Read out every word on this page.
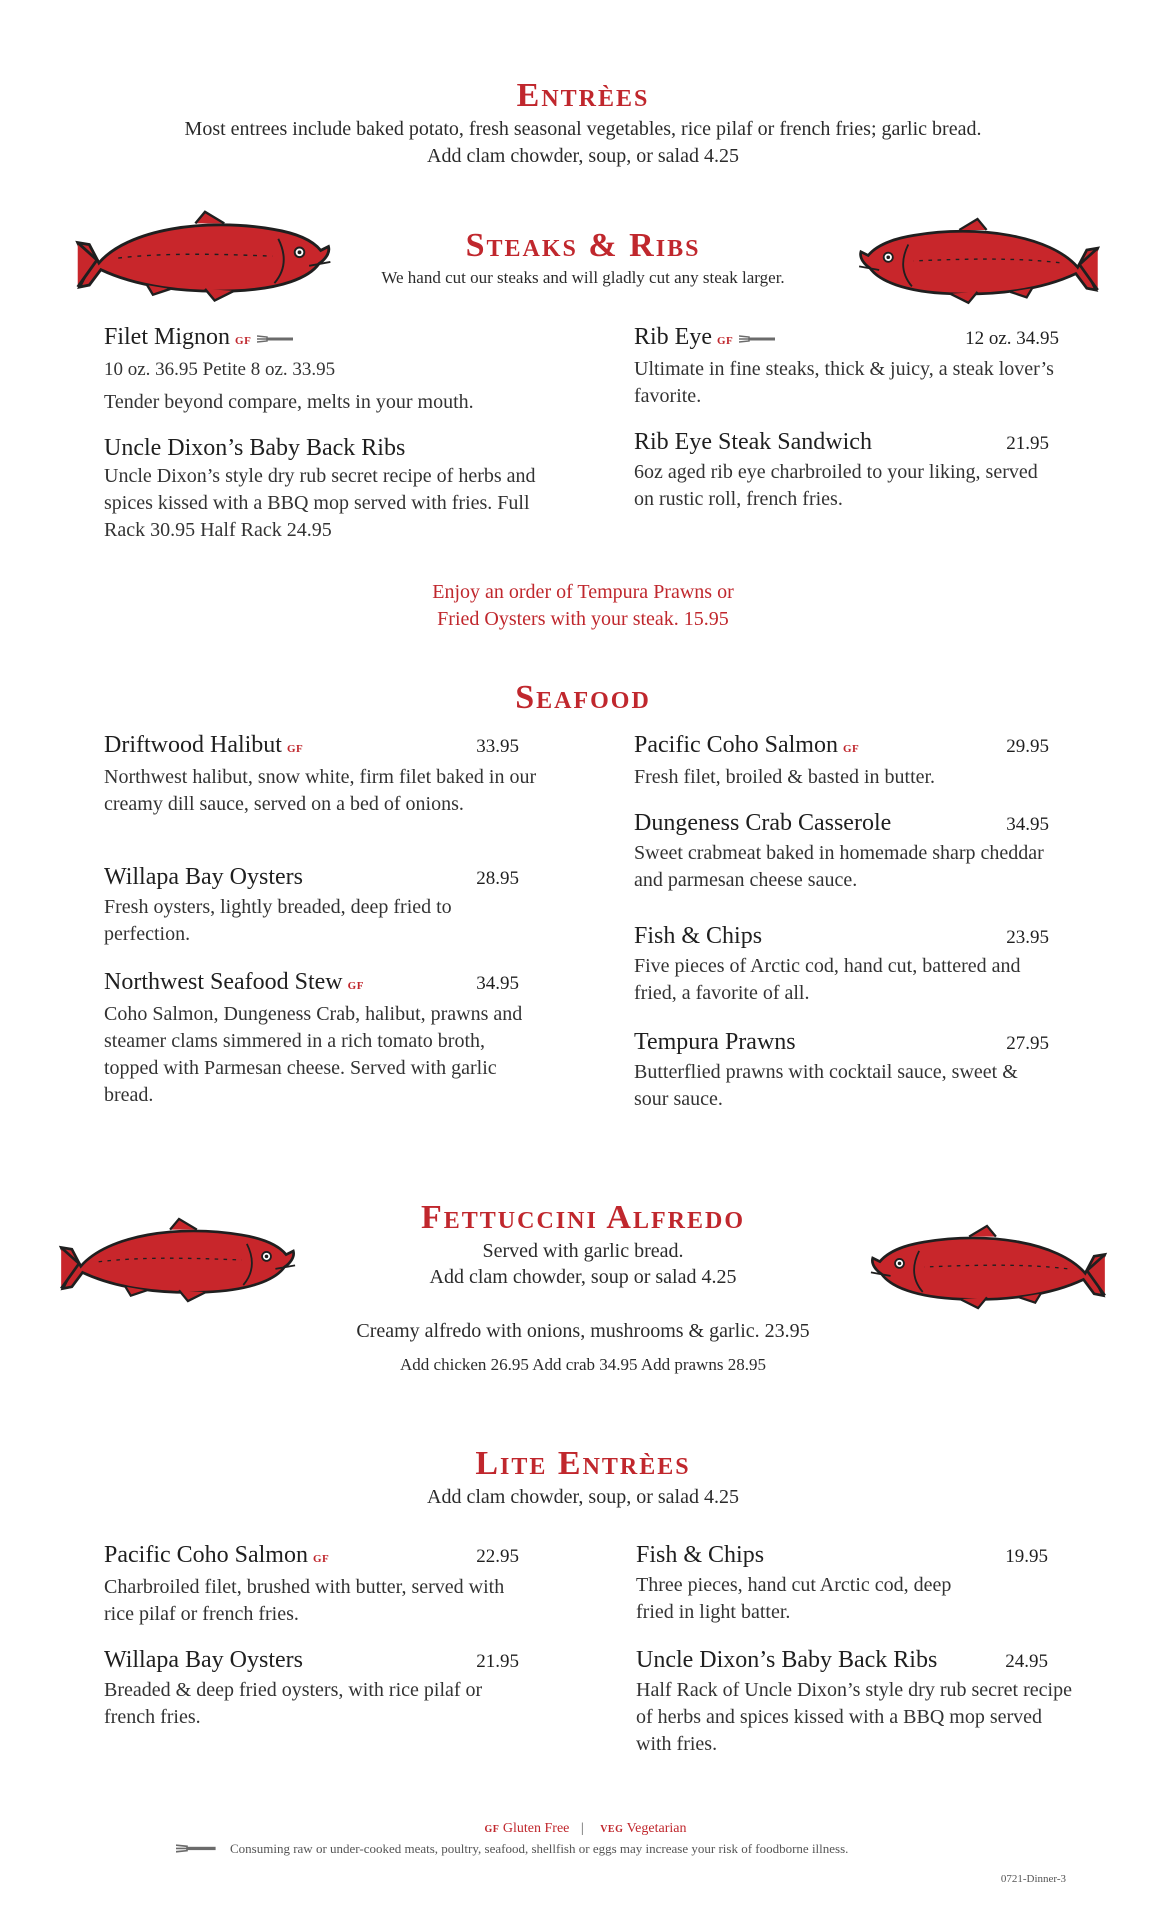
Entrèes
Most entrees include baked potato, fresh seasonal vegetables, rice pilaf or french fries; garlic bread.
Add clam chowder, soup, or salad 4.25
Steaks & Ribs
We hand cut our steaks and will gladly cut any steak larger.
Filet Mignon GF
10 oz. 36.95 Petite 8 oz. 33.95
Tender beyond compare, melts in your mouth.
Uncle Dixon’s Baby Back Ribs
Uncle Dixon’s style dry rub secret recipe of herbs and spices kissed with a BBQ mop served with fries. Full Rack 30.95 Half Rack 24.95
Rib Eye GF	12 oz. 34.95
Ultimate in fine steaks, thick & juicy, a steak lover’s favorite.
Rib Eye Steak Sandwich	21.95
6oz aged rib eye charbroiled to your liking, served on rustic roll, french fries.
Enjoy an order of Tempura Prawns or
Fried Oysters with your steak. 15.95
Seafood
Driftwood Halibut GF	33.95
Northwest halibut, snow white, firm filet baked in our creamy dill sauce, served on a bed of onions.
Willapa Bay Oysters	28.95
Fresh oysters, lightly breaded, deep fried to perfection.
Northwest Seafood Stew GF	34.95
Coho Salmon, Dungeness Crab, halibut, prawns and steamer clams simmered in a rich tomato broth, topped with Parmesan cheese. Served with garlic bread.
Pacific Coho Salmon GF	29.95
Fresh filet, broiled & basted in butter.
Dungeness Crab Casserole	34.95
Sweet crabmeat baked in homemade sharp cheddar and parmesan cheese sauce.
Fish & Chips	23.95
Five pieces of Arctic cod, hand cut, battered and fried, a favorite of all.
Tempura Prawns	27.95
Butterflied prawns with cocktail sauce, sweet & sour sauce.
Fettuccini Alfredo
Served with garlic bread.
Add clam chowder, soup or salad 4.25
Creamy alfredo with onions, mushrooms & garlic. 23.95
Add chicken 26.95 Add crab 34.95 Add prawns 28.95
Lite Entrèes
Add clam chowder, soup, or salad 4.25
Pacific Coho Salmon GF	22.95
Charbroiled filet, brushed with butter, served with rice pilaf or french fries.
Willapa Bay Oysters	21.95
Breaded & deep fried oysters, with rice pilaf or french fries.
Fish & Chips	19.95
Three pieces, hand cut Arctic cod, deep fried in light batter.
Uncle Dixon’s Baby Back Ribs	24.95
Half Rack of Uncle Dixon’s style dry rub secret recipe of herbs and spices kissed with a BBQ mop served with fries.
GF Gluten Free | VEG Vegetarian
Consuming raw or under-cooked meats, poultry, seafood, shellfish or eggs may increase your risk of foodborne illness.
0721-Dinner-3
